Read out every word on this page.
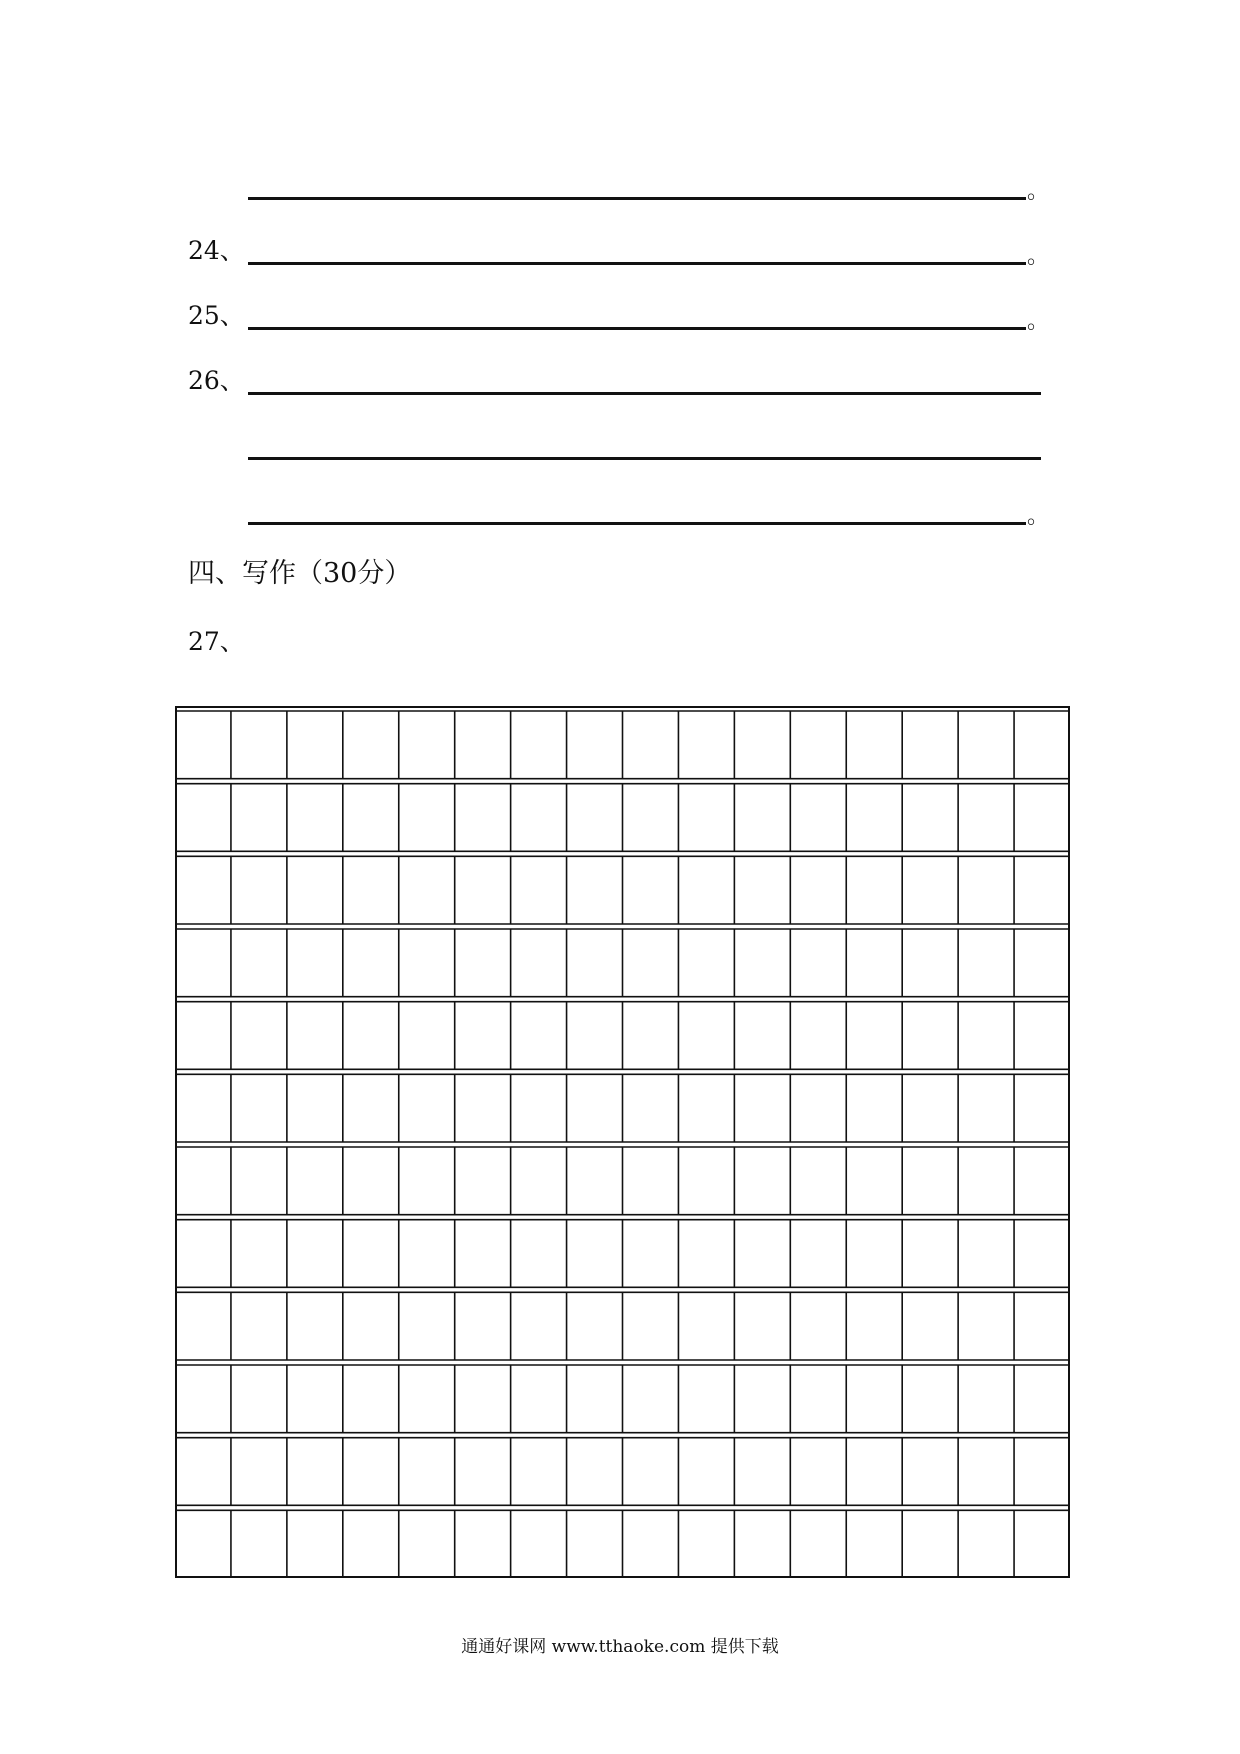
。
24、	。
25、	。
26、
。
四、写作（30分）
27、
通通好课网 www.tthaoke.com 提供下载
